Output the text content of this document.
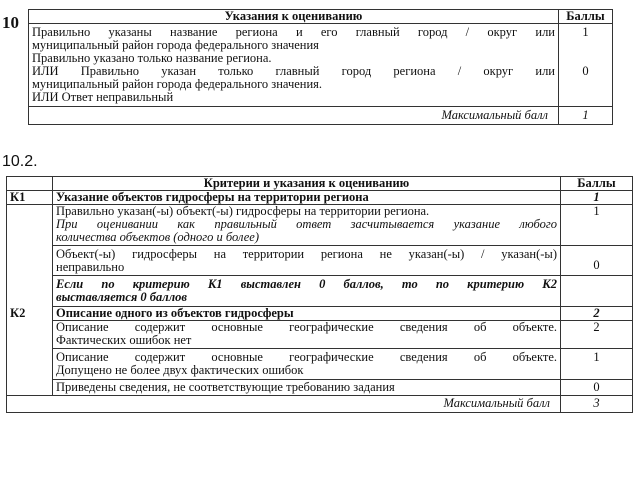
10	Указания к оцениванию	Баллы

Правильно указаны название региона и его главный город / округ или
муниципальный район города федерального значения	1

Правильно указано только название региона.
ИЛИ Правильно указан только главный город региона / округ или
муниципальный район города федерального значения.
ИЛИ Ответ неправильный	0

Максимальный балл	1
10.2.
	Критерии и указания к оцениванию	Баллы
К1	Указание объектов гидросферы на территории региона	1

	Правильно указан(-ы) объект(-ы) гидросферы на территории региона.
При оценивании как правильный ответ засчитывается указание любого
количества объектов (одного и более)	1

	Объект(-ы) гидросферы на территории региона не указан(-ы) / указан(-ы)
неправильно	0

	Если по критерию К1 выставлен 0 баллов, то по критерию К2
выставляется 0 баллов	

К2	Описание одного из объектов гидросферы	2

	Описание содержит основные географические сведения об объекте.
Фактических ошибок нет	2

	Описание содержит основные географические сведения об объекте.
Допущено не более двух фактических ошибок	1
	Приведены сведения, не соответствующие требованию задания	0
Максимальный балл		3
